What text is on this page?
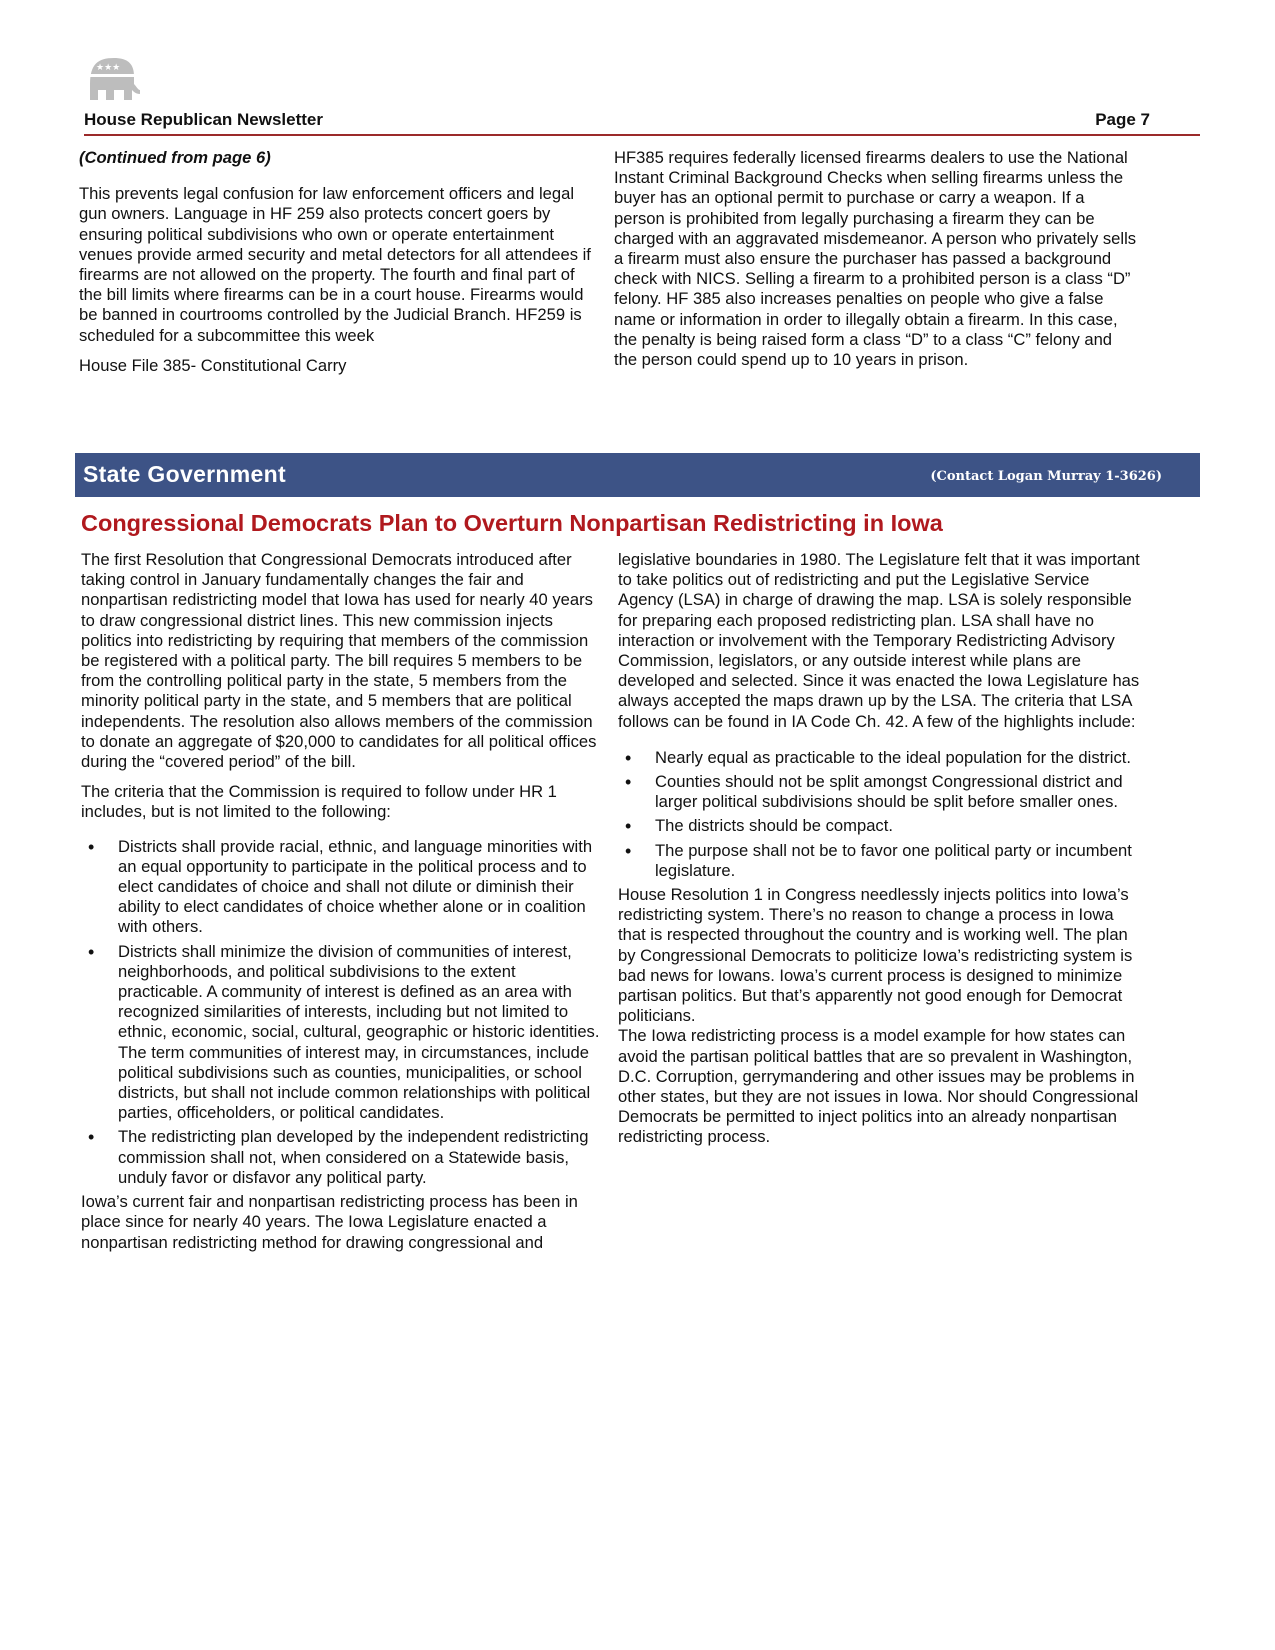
★★★
House Republican Newsletter	Page 7

(Continued from page 6)

This prevents legal confusion for law enforcement officers and legal gun owners. Language in HF 259 also protects concert goers by ensuring political subdivisions who own or operate entertainment venues provide armed security and metal detectors for all attendees if firearms are not allowed on the property. The fourth and final part of the bill limits where firearms can be in a court house. Firearms would be banned in courtrooms controlled by the Judicial Branch. HF259 is scheduled for a subcommittee this week

House File 385- Constitutional Carry

HF385 requires federally licensed firearms dealers to use the National Instant Criminal Background Checks when selling firearms unless the buyer has an optional permit to purchase or carry a weapon. If a person is prohibited from legally purchasing a firearm they can be charged with an aggravated misdemeanor. A person who privately sells a firearm must also ensure the purchaser has passed a background check with NICS. Selling a firearm to a prohibited person is a class “D” felony. HF 385 also increases penalties on people who give a false name or information in order to illegally obtain a firearm. In this case, the penalty is being raised form a class “D” to a class “C” felony and the person could spend up to 10 years in prison.

State Government	(Contact Logan Murray 1-3626)
Congressional Democrats Plan to Overturn Nonpartisan Redistricting in Iowa

The first Resolution that Congressional Democrats introduced after taking control in January fundamentally changes the fair and nonpartisan redistricting model that Iowa has used for nearly 40 years to draw congressional district lines. This new commission injects politics into redistricting by requiring that members of the commission be registered with a political party. The bill requires 5 members to be from the controlling political party in the state, 5 members from the minority political party in the state, and 5 members that are political independents. The resolution also allows members of the commission to donate an aggregate of $20,000 to candidates for all political offices during the “covered period” of the bill.

The criteria that the Commission is required to follow under HR 1 includes, but is not limited to the following:

• Districts shall provide racial, ethnic, and language minorities with an equal opportunity to participate in the political process and to elect candidates of choice and shall not dilute or diminish their ability to elect candidates of choice whether alone or in coalition with others.
• Districts shall minimize the division of communities of interest, neighborhoods, and political subdivisions to the extent practicable. A community of interest is defined as an area with recognized similarities of interests, including but not limited to ethnic, economic, social, cultural, geographic or historic identities. The term communities of interest may, in circumstances, include political subdivisions such as counties, municipalities, or school districts, but shall not include common relationships with political parties, officeholders, or political candidates.
• The redistricting plan developed by the independent redistricting commission shall not, when considered on a Statewide basis, unduly favor or disfavor any political party.

Iowa’s current fair and nonpartisan redistricting process has been in place since for nearly 40 years. The Iowa Legislature enacted a nonpartisan redistricting method for drawing congressional and

legislative boundaries in 1980. The Legislature felt that it was important to take politics out of redistricting and put the Legislative Service Agency (LSA) in charge of drawing the map. LSA is solely responsible for preparing each proposed redistricting plan. LSA shall have no interaction or involvement with the Temporary Redistricting Advisory Commission, legislators, or any outside interest while plans are developed and selected. Since it was enacted the Iowa Legislature has always accepted the maps drawn up by the LSA. The criteria that LSA follows can be found in IA Code Ch. 42. A few of the highlights include:

• Nearly equal as practicable to the ideal population for the district.
• Counties should not be split amongst Congressional district and larger political subdivisions should be split before smaller ones.
• The districts should be compact.
• The purpose shall not be to favor one political party or incumbent legislature.

House Resolution 1 in Congress needlessly injects politics into Iowa’s redistricting system. There’s no reason to change a process in Iowa that is respected throughout the country and is working well. The plan by Congressional Democrats to politicize Iowa’s redistricting system is bad news for Iowans. Iowa’s current process is designed to minimize partisan politics. But that’s apparently not good enough for Democrat politicians.

The Iowa redistricting process is a model example for how states can avoid the partisan political battles that are so prevalent in Washington, D.C. Corruption, gerrymandering and other issues may be problems in other states, but they are not issues in Iowa. Nor should Congressional Democrats be permitted to inject politics into an already nonpartisan redistricting process.
